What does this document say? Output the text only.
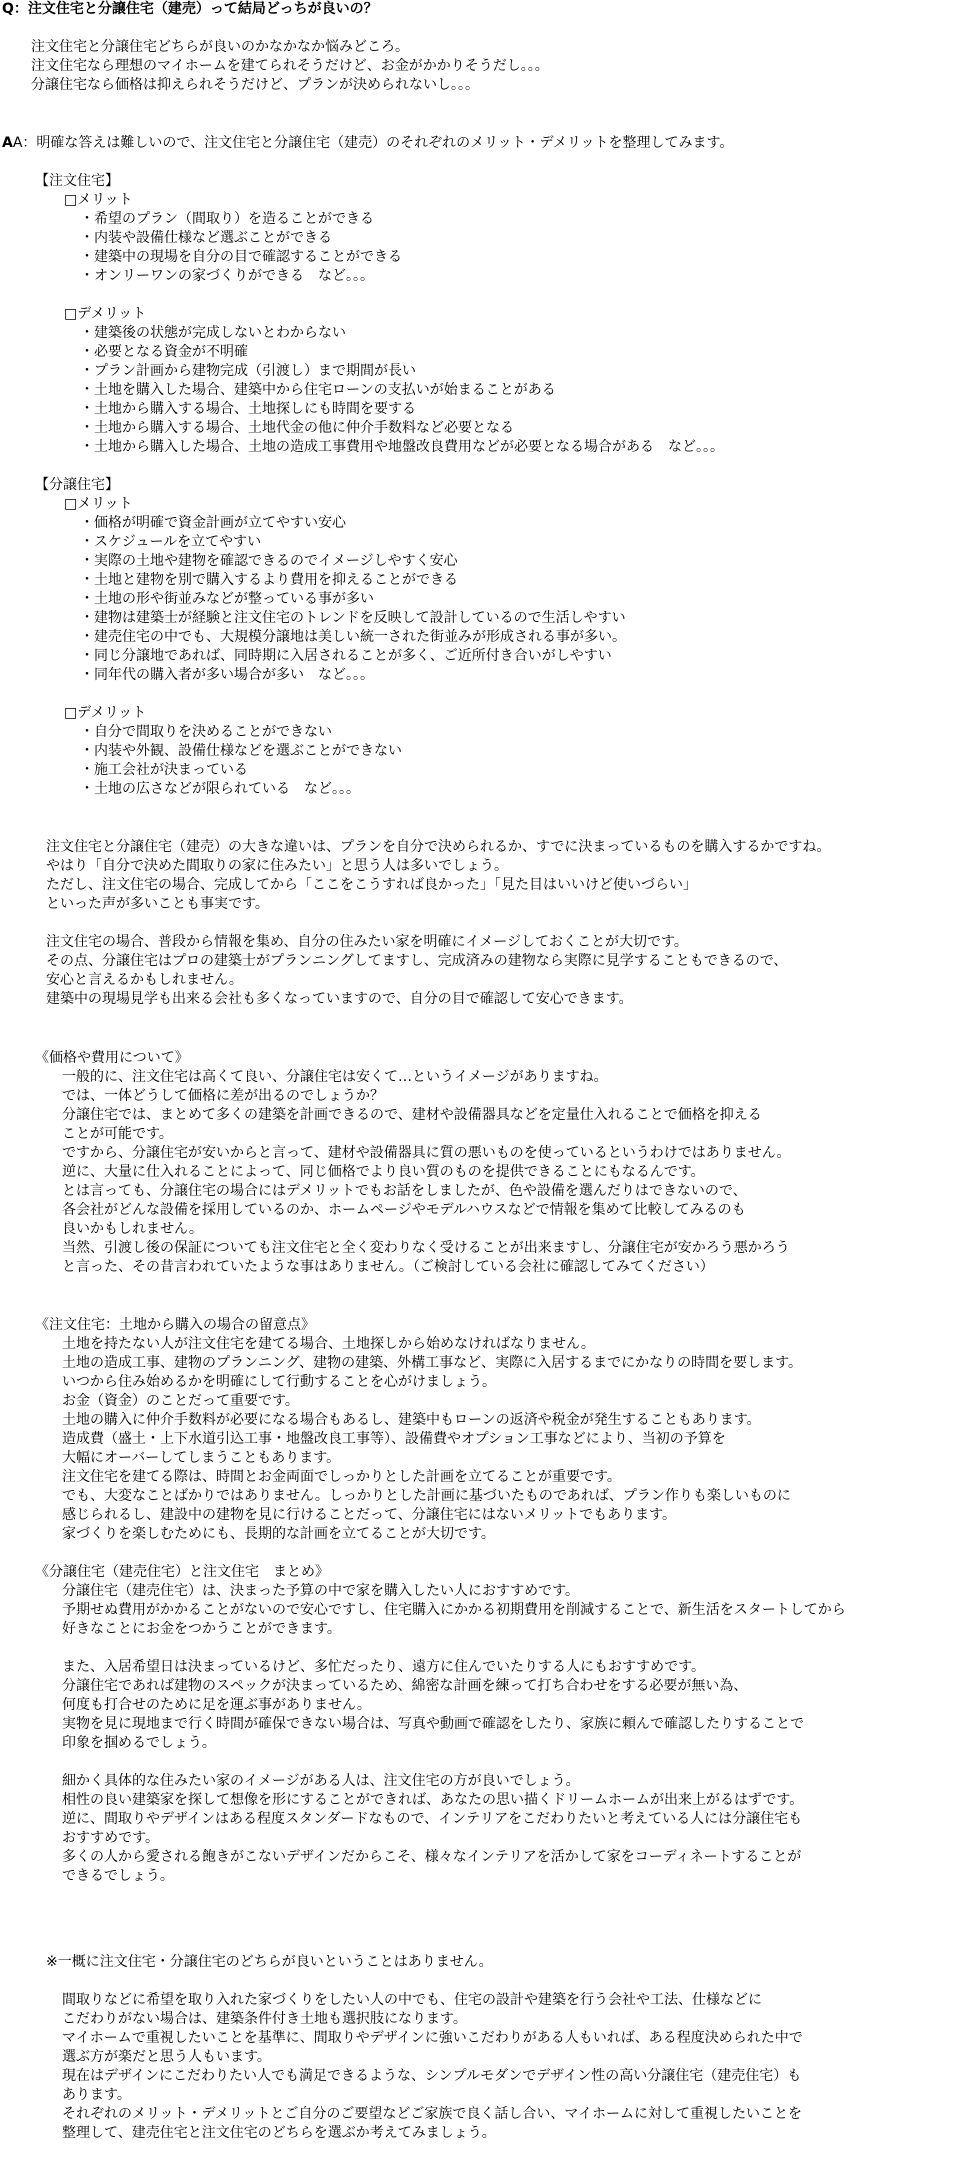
Q：注文住宅と分譲住宅（建売）って結局どっちが良いの？
注文住宅と分譲住宅どちらが良いのかなかなか悩みどころ。
注文住宅なら理想のマイホームを建てられそうだけど、お金がかかりそうだし。。。
分譲住宅なら価格は抑えられそうだけど、プランが決められないし。。。
AA：明確な答えは難しいので、注文住宅と分譲住宅（建売）のそれぞれのメリット・デメリットを整理してみます。
【注文住宅】
□メリット
・希望のプラン（間取り）を造ることができる
・内装や設備仕様など選ぶことができる
・建築中の現場を自分の目で確認することができる
・オンリーワンの家づくりができる　など。。。
□デメリット
・建築後の状態が完成しないとわからない
・必要となる資金が不明確
・プラン計画から建物完成（引渡し）まで期間が長い
・土地を購入した場合、建築中から住宅ローンの支払いが始まることがある
・土地から購入する場合、土地探しにも時間を要する
・土地から購入する場合、土地代金の他に仲介手数料など必要となる
・土地から購入した場合、土地の造成工事費用や地盤改良費用などが必要となる場合がある　など。。。
【分譲住宅】
□メリット
・価格が明確で資金計画が立てやすい安心
・スケジュールを立てやすい
・実際の土地や建物を確認できるのでイメージしやすく安心
・土地と建物を別で購入するより費用を抑えることができる
・土地の形や街並みなどが整っている事が多い
・建物は建築士が経験と注文住宅のトレンドを反映して設計しているので生活しやすい
・建売住宅の中でも、大規模分譲地は美しい統一された街並みが形成される事が多い。
・同じ分譲地であれば、同時期に入居されることが多く、ご近所付き合いがしやすい
・同年代の購入者が多い場合が多い　など。。。
□デメリット
・自分で間取りを決めることができない
・内装や外観、設備仕様などを選ぶことができない
・施工会社が決まっている
・土地の広さなどが限られている　など。。。
注文住宅と分譲住宅（建売）の大きな違いは、プランを自分で決められるか、すでに決まっているものを購入するかですね。
やはり「自分で決めた間取りの家に住みたい」と思う人は多いでしょう。
ただし、注文住宅の場合、完成してから「ここをこうすれば良かった」「見た目はいいけど使いづらい」
といった声が多いことも事実です。
注文住宅の場合、普段から情報を集め、自分の住みたい家を明確にイメージしておくことが大切です。
その点、分譲住宅はプロの建築士がプランニングしてますし、完成済みの建物なら実際に見学することもできるので、
安心と言えるかもしれません。
建築中の現場見学も出来る会社も多くなっていますので、自分の目で確認して安心できます。
《価格や費用について》
一般的に、注文住宅は高くて良い、分譲住宅は安くて…というイメージがありますね。
では、一体どうして価格に差が出るのでしょうか？
分譲住宅では、まとめて多くの建築を計画できるので、建材や設備器具などを定量仕入れることで価格を抑える
ことが可能です。
ですから、分譲住宅が安いからと言って、建材や設備器具に質の悪いものを使っているというわけではありません。
逆に、大量に仕入れることによって、同じ価格でより良い質のものを提供できることにもなるんです。
とは言っても、分譲住宅の場合にはデメリットでもお話をしましたが、色や設備を選んだりはできないので、
各会社がどんな設備を採用しているのか、ホームページやモデルハウスなどで情報を集めて比較してみるのも
良いかもしれません。
当然、引渡し後の保証についても注文住宅と全く変わりなく受けることが出来ますし、分譲住宅が安かろう悪かろう
と言った、その昔言われていたような事はありません。（ご検討している会社に確認してみてください）
《注文住宅：土地から購入の場合の留意点》
土地を持たない人が注文住宅を建てる場合、土地探しから始めなければなりません。
土地の造成工事、建物のプランニング、建物の建築、外構工事など、実際に入居するまでにかなりの時間を要します。
いつから住み始めるかを明確にして行動することを心がけましょう。
お金（資金）のことだって重要です。
土地の購入に仲介手数料が必要になる場合もあるし、建築中もローンの返済や税金が発生することもあります。
造成費（盛土・上下水道引込工事・地盤改良工事等）、設備費やオプション工事などにより、当初の予算を
大幅にオーバーしてしまうこともあります。
注文住宅を建てる際は、時間とお金両面でしっかりとした計画を立てることが重要です。
でも、大変なことばかりではありません。しっかりとした計画に基づいたものであれば、プラン作りも楽しいものに
感じられるし、建設中の建物を見に行けることだって、分譲住宅にはないメリットでもあります。
家づくりを楽しむためにも、長期的な計画を立てることが大切です。
《分譲住宅（建売住宅）と注文住宅　まとめ》
分譲住宅（建売住宅）は、決まった予算の中で家を購入したい人におすすめです。
予期せぬ費用がかかることがないので安心ですし、住宅購入にかかる初期費用を削減することで、新生活をスタートしてから
好きなことにお金をつかうことができます。
また、入居希望日は決まっているけど、多忙だったり、遠方に住んでいたりする人にもおすすめです。
分譲住宅であれば建物のスペックが決まっているため、綿密な計画を練って打ち合わせをする必要が無い為、
何度も打合せのために足を運ぶ事がありません。
実物を見に現地まで行く時間が確保できない場合は、写真や動画で確認をしたり、家族に頼んで確認したりすることで
印象を掴めるでしょう。
細かく具体的な住みたい家のイメージがある人は、注文住宅の方が良いでしょう。
相性の良い建築家を探して想像を形にすることができれば、あなたの思い描くドリームホームが出来上がるはずです。
逆に、間取りやデザインはある程度スタンダードなもので、インテリアをこだわりたいと考えている人には分譲住宅も
おすすめです。
多くの人から愛される飽きがこないデザインだからこそ、様々なインテリアを活かして家をコーディネートすることが
できるでしょう。
※一概に注文住宅・分譲住宅のどちらが良いということはありません。
間取りなどに希望を取り入れた家づくりをしたい人の中でも、住宅の設計や建築を行う会社や工法、仕様などに
こだわりがない場合は、建築条件付き土地も選択肢になります。
マイホームで重視したいことを基準に、間取りやデザインに強いこだわりがある人もいれば、ある程度決められた中で
選ぶ方が楽だと思う人もいます。
現在はデザインにこだわりたい人でも満足できるような、シンプルモダンでデザイン性の高い分譲住宅（建売住宅）も
あります。
それぞれのメリット・デメリットとご自分のご要望などご家族で良く話し合い、マイホームに対して重視したいことを
整理して、建売住宅と注文住宅のどちらを選ぶか考えてみましょう。
